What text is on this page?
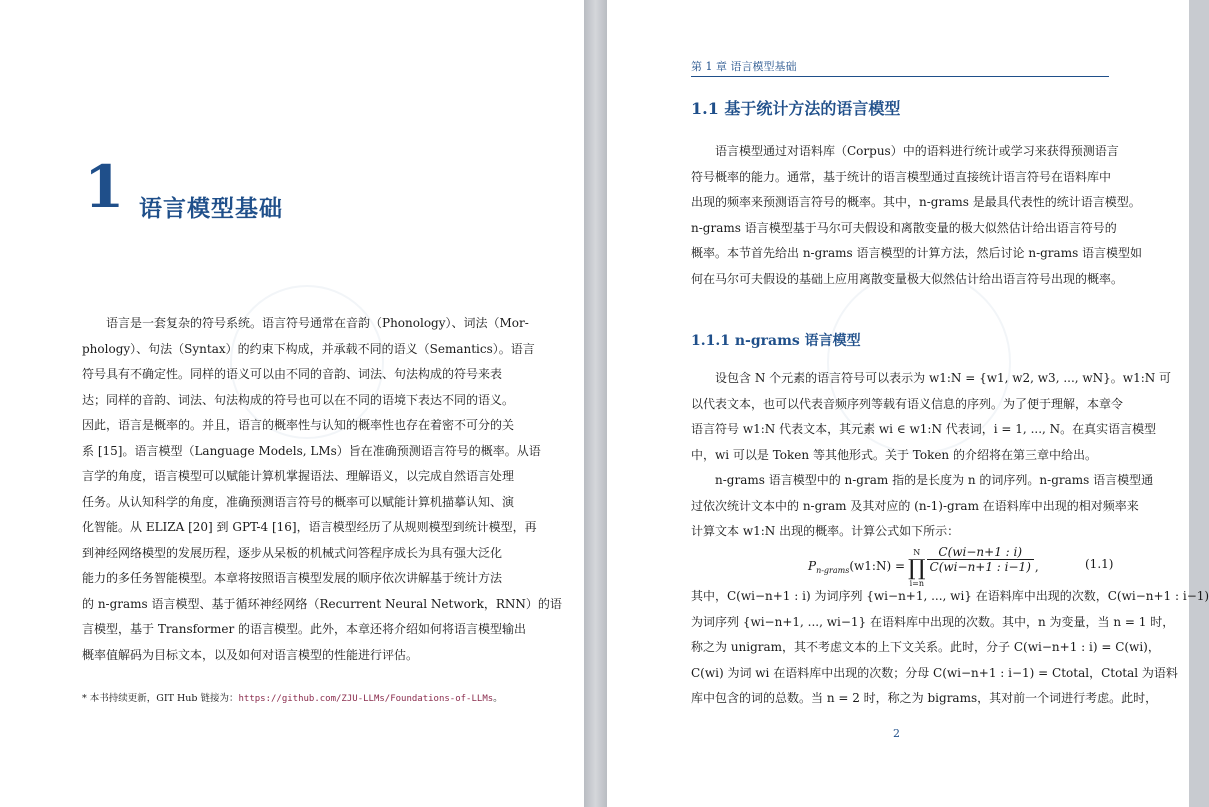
1 语言模型基础
语言是一套复杂的符号系统。语言符号通常在音韵（Phonology）、词法（Mor-
phology）、句法（Syntax）的约束下构成，并承载不同的语义（Semantics）。语言
符号具有不确定性。同样的语义可以由不同的音韵、词法、句法构成的符号来表
达；同样的音韵、词法、句法构成的符号也可以在不同的语境下表达不同的语义。
因此，语言是概率的。并且，语言的概率性与认知的概率性也存在着密不可分的关
系 [15]。语言模型（Language Models, LMs）旨在准确预测语言符号的概率。从语
言学的角度，语言模型可以赋能计算机掌握语法、理解语义，以完成自然语言处理
任务。从认知科学的角度，准确预测语言符号的概率可以赋能计算机描摹认知、演
化智能。从 ELIZA [20] 到 GPT-4 [16]，语言模型经历了从规则模型到统计模型，再
到神经网络模型的发展历程，逐步从呆板的机械式问答程序成长为具有强大泛化
能力的多任务智能模型。本章将按照语言模型发展的顺序依次讲解基于统计方法
的 n-grams 语言模型、基于循环神经网络（Recurrent Neural Network，RNN）的语
言模型，基于 Transformer 的语言模型。此外，本章还将介绍如何将语言模型输出
概率值解码为目标文本，以及如何对语言模型的性能进行评估。
* 本书持续更新，GIT Hub 链接为：https://github.com/ZJU-LLMs/Foundations-of-LLMs。
第 1 章 语言模型基础
1.1 基于统计方法的语言模型
语言模型通过对语料库（Corpus）中的语料进行统计或学习来获得预测语言
符号概率的能力。通常，基于统计的语言模型通过直接统计语言符号在语料库中
出现的频率来预测语言符号的概率。其中，n-grams 是最具代表性的统计语言模型。
n-grams 语言模型基于马尔可夫假设和离散变量的极大似然估计给出语言符号的
概率。本节首先给出 n-grams 语言模型的计算方法，然后讨论 n-grams 语言模型如
何在马尔可夫假设的基础上应用离散变量极大似然估计给出语言符号出现的概率。
1.1.1 n-grams 语言模型
设包含 N 个元素的语言符号可以表示为 w1:N = {w1, w2, w3, ..., wN}。w1:N 可
以代表文本，也可以代表音频序列等载有语义信息的序列。为了便于理解，本章令
语言符号 w1:N 代表文本，其元素 wi ∈ w1:N 代表词，i = 1, ..., N。在真实语言模型
中，wi 可以是 Token 等其他形式。关于 Token 的介绍将在第三章中给出。
n-grams 语言模型中的 n-gram 指的是长度为 n 的词序列。n-grams 语言模型通
过依次统计文本中的 n-gram 及其对应的 (n-1)-gram 在语料库中出现的相对频率来
计算文本 w1:N 出现的概率。计算公式如下所示：
$P_{n-grams}(w1:N)$ =	N	C(wi−n+1 : i)	,
	∏	C(wi−n+1 : i−1)	
	i=n		
(1.1)
其中，C(wi−n+1 : i) 为词序列 {wi−n+1, ..., wi} 在语料库中出现的次数，C(wi−n+1 : i−1)
为词序列 {wi−n+1, ..., wi−1} 在语料库中出现的次数。其中，n 为变量，当 n = 1 时，
称之为 unigram，其不考虑文本的上下文关系。此时，分子 C(wi−n+1 : i) = C(wi)，
C(wi) 为词 wi 在语料库中出现的次数；分母 C(wi−n+1 : i−1) = Ctotal，Ctotal 为语料
库中包含的词的总数。当 n = 2 时，称之为 bigrams，其对前一个词进行考虑。此时，
2
